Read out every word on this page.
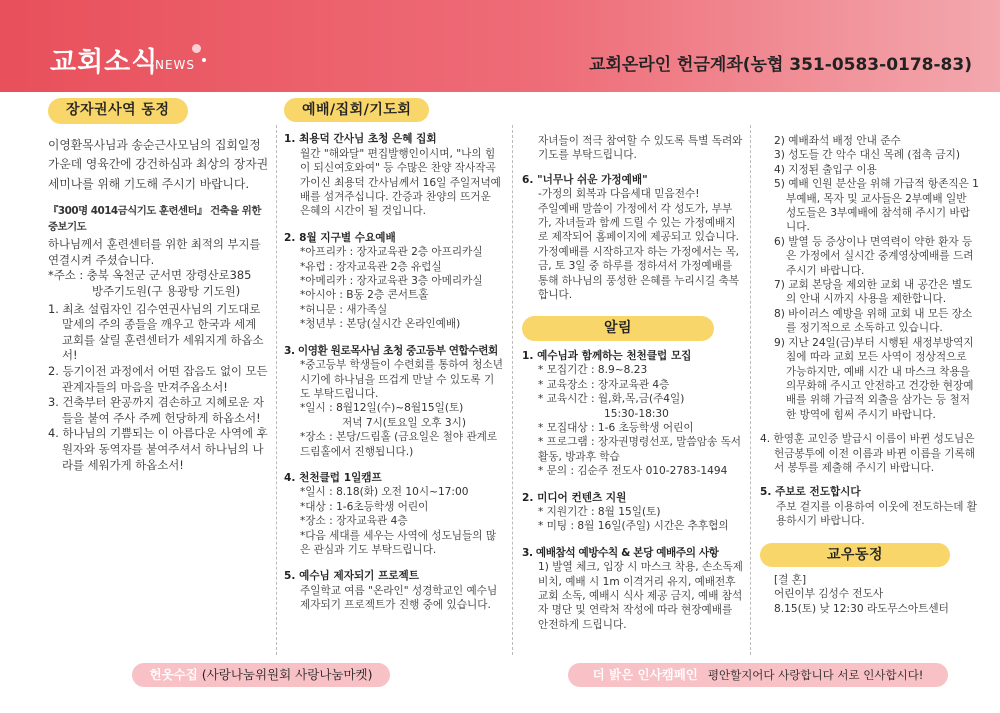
교회소식
NEWS	교회온라인 헌금계좌(농협 351-0583-0178-83)
장자권사역 동정

이영환목사님과 송순근사모님의 집회일정 가운데 영육간에 강건하심과 최상의 장자권 세미나를 위해 기도해 주시기 바랍니다.

『300명 4014금식기도 훈련센터』 건축을 위한 중보기도

하나님께서 훈련센터를 위한 최적의 부지를 연결시켜 주셨습니다.

*주소 : 충북 옥천군 군서면 장령산로385

방주기도원(구 용광탕 기도원)

1. 최초 설립자인 김수연권사님의 기도대로 말세의 주의 종들을 깨우고 한국과 세계 교회를 살릴 훈련센터가 세워지게 하옵소서!

2. 등기이전 과정에서 어떤 잡음도 없이 모든 관계자들의 마음을 만져주옵소서!

3. 건축부터 완공까지 겸손하고 지혜로운 자들을 붙여 주사 주께 헌당하게 하옵소서!

4. 하나님의 기쁨되는 이 아름다운 사역에 후원자와 동역자를 붙여주셔서 하나님의 나라를 세워가게 하옵소서!

예배/집회/기도회

1. 최용덕 간사님 초청 은혜 집회

월간 "해와달" 편집발행인이시며, "나의 힘이 되신여호와여" 등 수많은 찬양 작사작곡가이신 최용덕 간사님께서 16일 주일저녁예배를 섬겨주십니다. 간증과 찬양의 뜨거운 은혜의 시간이 될 것입니다.

2. 8월 지구별 수요예배

*아프리카 : 장자교육관 2층 아프리카실

*유럽 : 장자교육관 2층 유럽실

*아메리카 : 장자교육관 3층 아메리카실

*아시아 : B동 2층 콘서트홀

*허니문 : 새가족실

*청년부 : 본당(실시간 온라인예배)

3. 이영환 원로목사님 초청 중고등부 연합수련회

*중고등부 학생들이 수련회를 통하여 청소년 시기에 하나님을 뜨겁게 만날 수 있도록 기도 부탁드립니다.

*일시 : 8월12일(수)~8월15일(토)

저녁 7시(토요일 오후 3시)

*장소 : 본당/드림홀 (금요일은 철야 관계로 드림홀에서 진행됩니다.)

4. 천천클럽 1일캠프

*일시 : 8.18(화) 오전 10시~17:00

*대상 : 1-6초등학생 어린이

*장소 : 장자교육관 4층

*다음 세대를 세우는 사역에 성도님들의 많은 관심과 기도 부탁드립니다.

5. 예수님 제자되기 프로젝트

주일학교 여름 "온라인" 성경학교인 예수님 제자되기 프로젝트가 진행 중에 있습니다.

자녀들이 적극 참여할 수 있도록 특별 독려와 기도를 부탁드립니다.

6. "너무나 쉬운 가정예배"

-가정의 회복과 다음세대 믿음전수!

주일예배 말씀이 가정에서 각 성도가, 부부가, 자녀들과 함께 드릴 수 있는 가정예배지로 제작되어 홈페이지에 제공되고 있습니다. 가정예배를 시작하고자 하는 가정에서는 목, 금, 토 3일 중 하루를 정하셔서 가정예배를 통해 하나님의 풍성한 은혜를 누리시길 축복합니다.

알림

1. 예수님과 함께하는 천천클럽 모집

* 모집기간 : 8.9~8.23

* 교육장소 : 장자교육관 4층

* 교육시간 : 월,화,목,금(주4일)

15:30-18:30

* 모집대상 : 1-6 초등학생 어린이

* 프로그램 : 장자권명령선포, 말씀암송 독서활동, 방과후 학습

* 문의 : 김순주 전도사 010-2783-1494

2. 미디어 컨텐츠 지원

* 지원기간 : 8월 15일(토)

* 미팅 : 8월 16일(주일) 시간은 추후협의

3. 예배참석 예방수칙 & 본당 예배주의 사항

1) 발열 체크, 입장 시 마스크 착용, 손소독제 비치, 예배 시 1m 이격거리 유지, 예배전후 교회 소독, 예배시 식사 제공 금지, 예배 참석자 명단 및 연락처 작성에 따라 현장예배를 안전하게 드립니다.

2) 예배좌석 배정 안내 준수

3) 성도들 간 악수 대신 목례 (접촉 금지)

4) 지정된 출입구 이용

5) 예배 인원 분산을 위해 가급적 항존직은 1부예배, 목자 및 교사들은 2부예배 일반 성도들은 3부예배에 참석해 주시기 바랍니다.

6) 발열 등 증상이나 면역력이 약한 환자 등은 가정에서 실시간 중계영상예배를 드려주시기 바랍니다.

7) 교회 본당을 제외한 교회 내 공간은 별도의 안내 시까지 사용을 제한합니다.

8) 바이러스 예방을 위해 교회 내 모든 장소를 정기적으로 소독하고 있습니다.

9) 지난 24일(금)부터 시행된 새정부방역지침에 따라 교회 모든 사역이 정상적으로 가능하지만, 예배 시간 내 마스크 착용을 의무화해 주시고 안전하고 건강한 현장예배를 위해 가급적 외출을 삼가는 등 철저한 방역에 힘써 주시기 바랍니다.

4. 한영훈 교인증 발급시 이름이 바뀐 성도님은 헌금봉투에 이전 이름과 바뀐 이름을 기록해서 봉투를 제출해 주시기 바랍니다.

5. 주보로 전도합시다

주보 겉지를 이용하여 이웃에 전도하는데 활용하시기 바랍니다.

교우동정

[결 혼]

어린이부 김성수 전도사

8.15(토) 낮 12:30 라도무스아트센터

헌옷수집 (사랑나눔위원회 사랑나눔마켓)	더 밝은 인사캠페인 평안할지어다 사랑합니다 서로 인사합시다!
